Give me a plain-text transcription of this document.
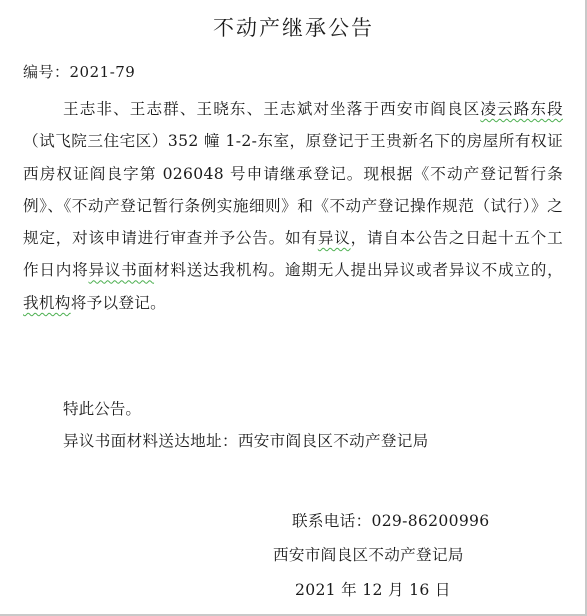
不动产继承公告
编号：2021-79
王志非、王志群、王晓东、王志斌对坐落于西安市阎良区凌云路东段（试飞院三住宅区）352 幢 1-2-东室，原登记于王贵新名下的房屋所有权证西房权证阎良字第 026048 号申请继承登记。现根据《不动产登记暂行条例》、《不动产登记暂行条例实施细则》和《不动产登记操作规范（试行）》之规定，对该申请进行审查并予公告。如有异议，请自本公告之日起十五个工作日内将异议书面材料送达我机构。逾期无人提出异议或者异议不成立的，我机构将予以登记。
特此公告。
异议书面材料送达地址：西安市阎良区不动产登记局
联系电话：029-86200996
西安市阎良区不动产登记局
2021 年 12 月 16 日
